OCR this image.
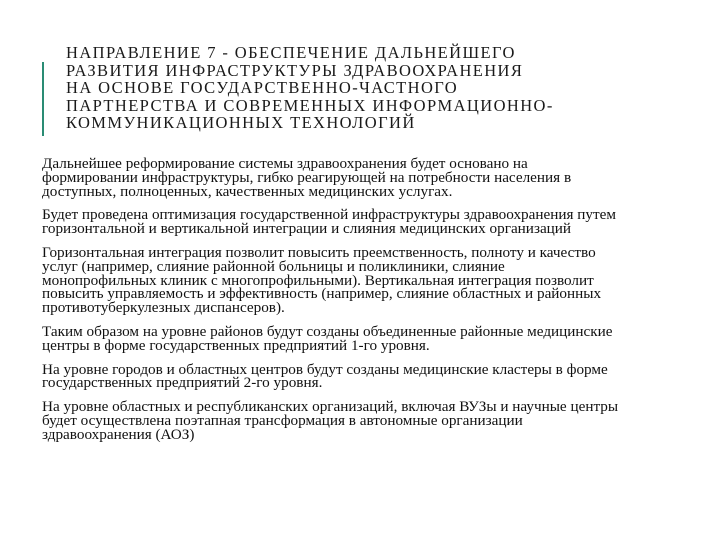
НАПРАВЛЕНИЕ 7 - ОБЕСПЕЧЕНИЕ ДАЛЬНЕЙШЕГО
РАЗВИТИЯ ИНФРАСТРУКТУРЫ ЗДРАВООХРАНЕНИЯ
НА ОСНОВЕ ГОСУДАРСТВЕННО-ЧАСТНОГО
ПАРТНЕРСТВА И СОВРЕМЕННЫХ ИНФОРМАЦИОННО-
КОММУНИКАЦИОННЫХ ТЕХНОЛОГИЙ

Дальнейшее реформирование системы здравоохранения будет основано на
формировании инфраструктуры, гибко реагирующей на потребности населения в
доступных, полноценных, качественных медицинских услугах.

Будет проведена оптимизация государственной инфраструктуры здравоохранения путем
горизонтальной и вертикальной интеграции и слияния медицинских организаций

Горизонтальная интеграция позволит повысить преемственность, полноту и качество
услуг (например, слияние районной больницы и поликлиники, слияние
монопрофильных клиник с многопрофильными). Вертикальная интеграция позволит
повысить управляемость и эффективность (например, слияние областных и районных
противотуберкулезных диспансеров).

Таким образом на уровне районов будут созданы объединенные районные медицинские
центры в форме государственных предприятий 1-го уровня.

На уровне городов и областных центров будут созданы медицинские кластеры в форме
государственных предприятий 2-го уровня.

На уровне областных и республиканских организаций, включая ВУЗы и научные центры
будет осуществлена поэтапная трансформация в автономные организации
здравоохранения (АОЗ)
